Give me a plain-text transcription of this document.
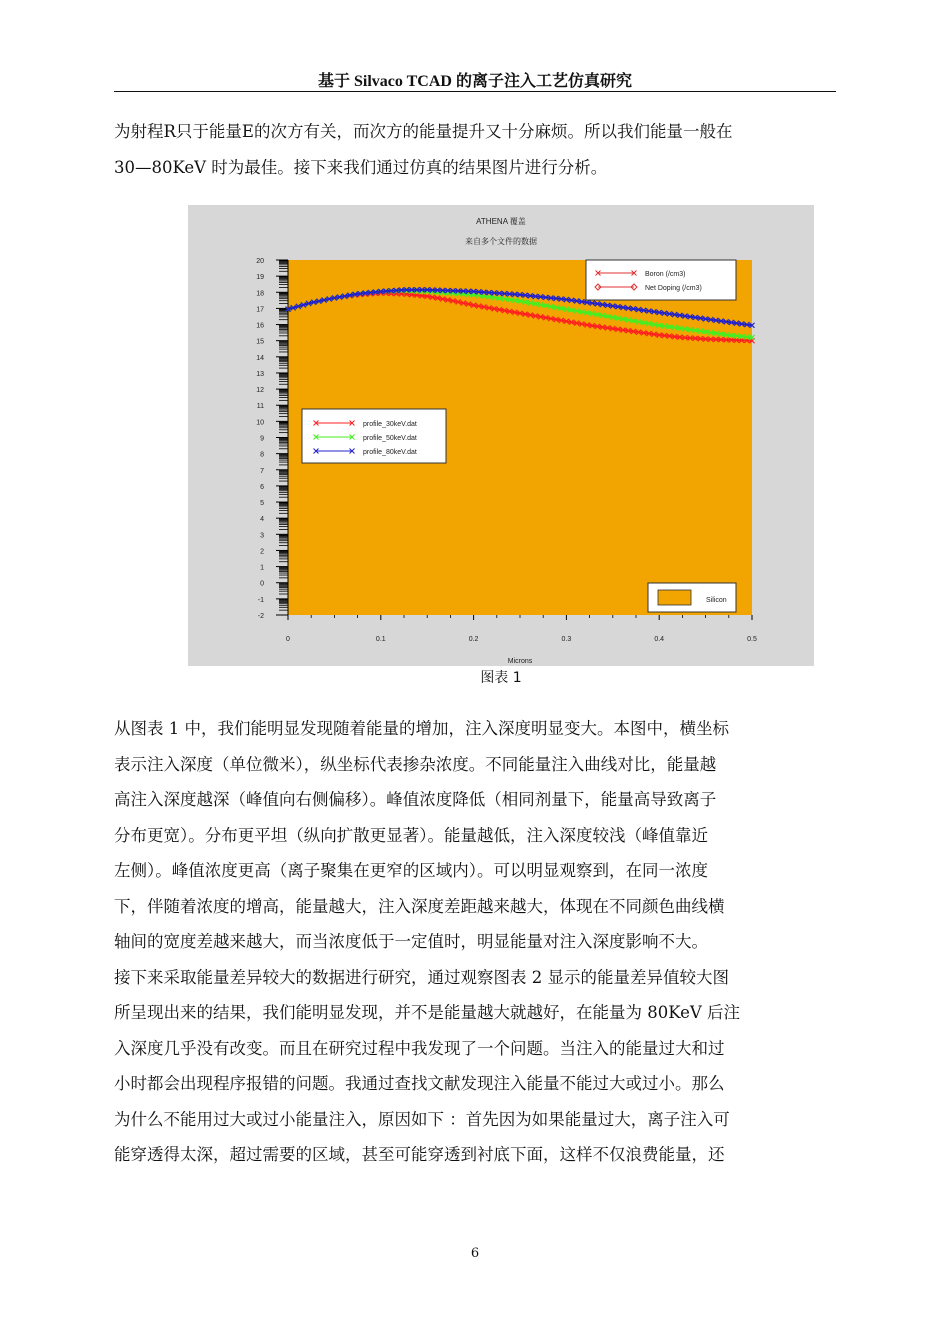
基于 Silvaco TCAD 的离子注入工艺仿真研究
为射程R只于能量E的次方有关，而次方的能量提升又十分麻烦。所以我们能量一般在
30—80KeV 时为最佳。接下来我们通过仿真的结果图片进行分析。
ATHENA 覆盖
来自多个文件的数据
-2
-1
0
1
2
3
4
5
6
7
8
9
10
11
12
13
14
15
16
17
18
19
20
0	0.1	0.2	0.3	0.4	0.5
Microns
Boron (/cm3)
Net Doping (/cm3)
profile_30keV.dat
profile_50keV.dat
profile_80keV.dat
Silicon
图表 1
从图表 1 中，我们能明显发现随着能量的增加，注入深度明显变大。本图中，横坐标
表示注入深度（单位微米），纵坐标代表掺杂浓度。不同能量注入曲线对比，能量越
高注入深度越深（峰值向右侧偏移）。峰值浓度降低（相同剂量下，能量高导致离子
分布更宽）。分布更平坦（纵向扩散更显著）。能量越低，注入深度较浅（峰值靠近
左侧）。峰值浓度更高（离子聚集在更窄的区域内）。可以明显观察到，在同一浓度
下，伴随着浓度的增高，能量越大，注入深度差距越来越大，体现在不同颜色曲线横
轴间的宽度差越来越大，而当浓度低于一定值时，明显能量对注入深度影响不大。
接下来采取能量差异较大的数据进行研究，通过观察图表 2 显示的能量差异值较大图
所呈现出来的结果，我们能明显发现，并不是能量越大就越好，在能量为 80KeV 后注
入深度几乎没有改变。而且在研究过程中我发现了一个问题。当注入的能量过大和过
小时都会出现程序报错的问题。我通过查找文献发现注入能量不能过大或过小。那么
为什么不能用过大或过小能量注入，原因如下 ：首先因为如果能量过大，离子注入可
能穿透得太深，超过需要的区域，甚至可能穿透到衬底下面，这样不仅浪费能量，还
6
